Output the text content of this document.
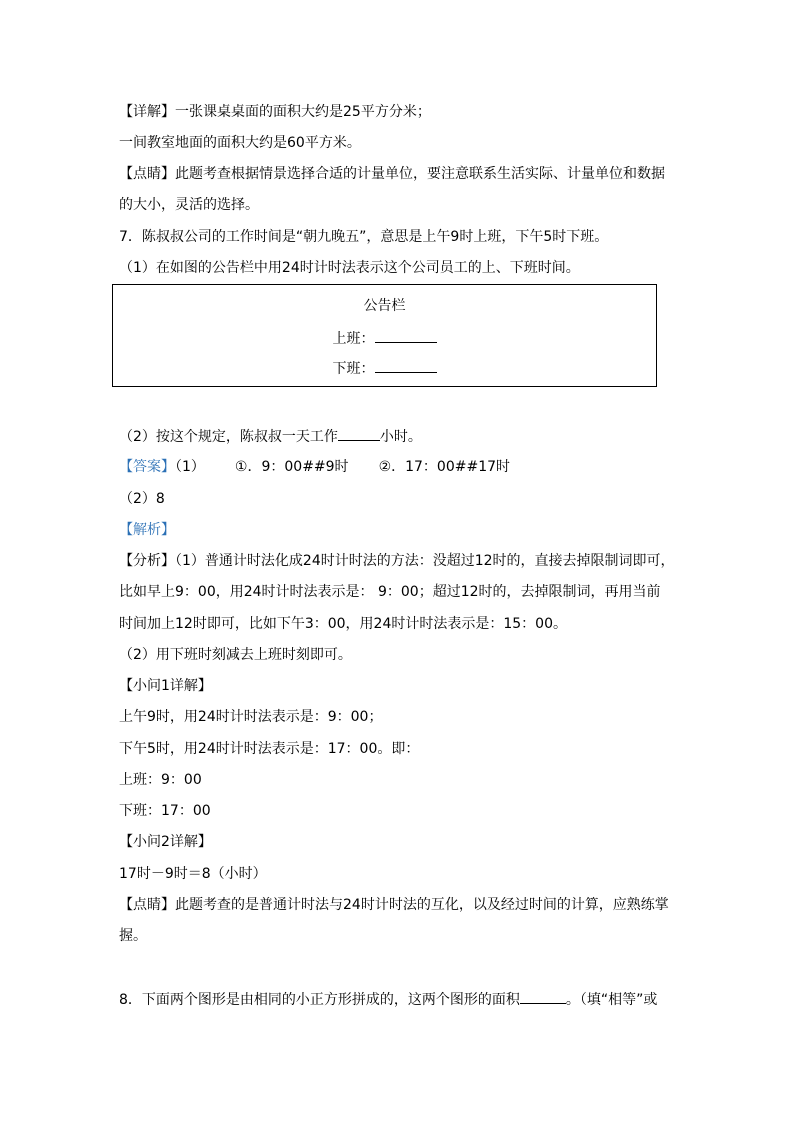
【详解】一张课桌桌面的面积大约是25平方分米；
一间教室地面的面积大约是60平方米。
【点睛】此题考查根据情景选择合适的计量单位，要注意联系生活实际、计量单位和数据
的大小，灵活的选择。
7．陈叔叔公司的工作时间是“朝九晚五”，意思是上午9时上班，下午5时下班。
（1）在如图的公告栏中用24时计时法表示这个公司员工的上、下班时间。
公告栏
上班：
下班：
（2）按这个规定，陈叔叔一天工作	小时。
【答案】（1） ①．9：00##9时 ②．17：00##17时
（2）8
【解析】
【分析】（1）普通计时法化成24时计时法的方法：没超过12时的，直接去掉限制词即可，
比如早上9：00，用24时计时法表示是： 9：00；超过12时的，去掉限制词，再用当前
时间加上12时即可，比如下午3：00，用24时计时法表示是：15：00。
（2）用下班时刻减去上班时刻即可。
【小问1详解】
上午9时，用24时计时法表示是：9：00；
下午5时，用24时计时法表示是：17：00。即：
上班：9：00
下班：17：00
【小问2详解】
17时－9时＝8（小时）
【点睛】此题考查的是普通计时法与24时计时法的互化，以及经过时间的计算，应熟练掌
握。
8．下面两个图形是由相同的小正方形拼成的，这两个图形的面积	。（填“相等”或
